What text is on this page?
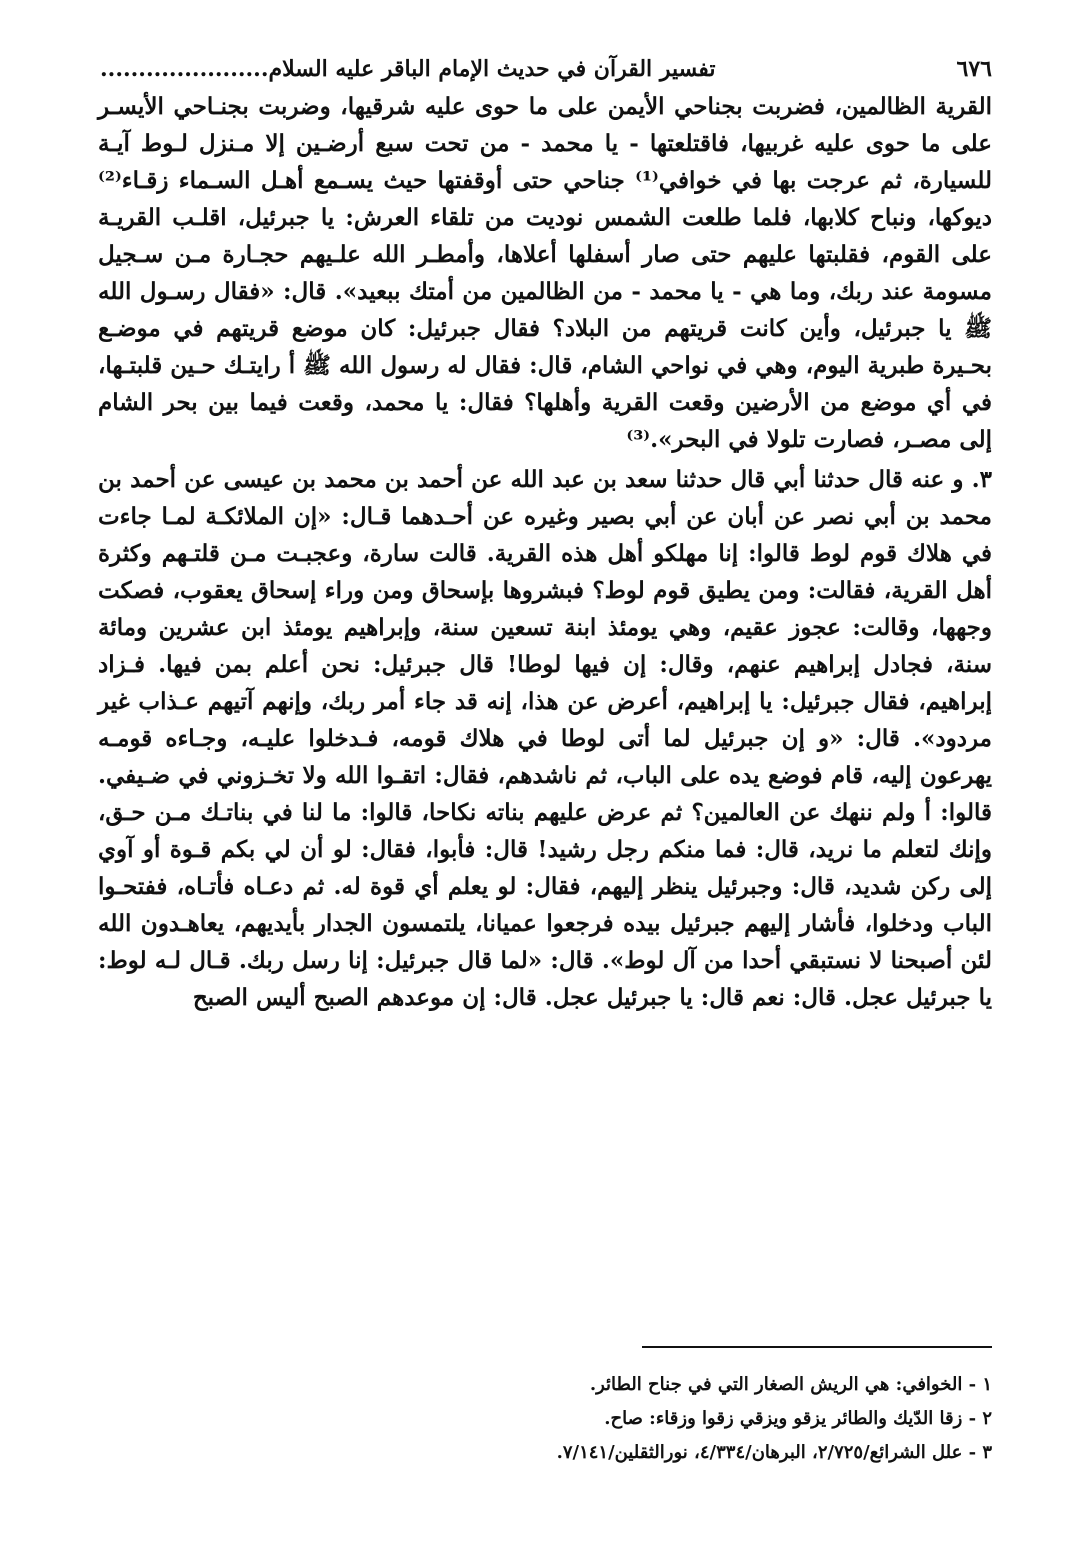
٦٧٦
تفسير القرآن في حديث الإمام الباقر عليه السلام......................

القرية الظالمين، فضربت بجناحي الأيمن على ما حوى عليه شرقيها، وضربت بجنـاحي الأيسـر على ما حوى عليه غربيها، فاقتلعتها - يا محمد - من تحت سبع أرضـين إلا مـنزل لـوط آيـة للسيارة، ثم عرجت بها في خوافي⁽¹⁾ جناحي حتى أوقفتها حيث يسـمع أهـل السـماء زقـاء⁽²⁾ ديوكها، ونباح كلابها، فلما طلعت الشمس نوديت من تلقاء العرش: يا جبرئيل، اقلـب القريـة على القوم، فقلبتها عليهم حتى صار أسفلها أعلاها، وأمطـر الله علـيهم حجـارة مـن سـجيل مسومة عند ربك، وما هي - يا محمد - من الظالمين من أمتك ببعيد». قال: «فقال رسـول الله ﷺ يا جبرئيل، وأين كانت قريتهم من البلاد؟ فقال جبرئيل: كان موضع قريتهم في موضـع بحـيرة طبرية اليوم، وهي في نواحي الشام، قال: فقال له رسول الله ﷺ أ رايتـك حـين قلبتـها، في أي موضع من الأرضين وقعت القرية وأهلها؟ فقال: يا محمد، وقعت فيما بين بحر الشام إلى مصـر، فصارت تلولا في البحر».⁽³⁾

٣. و عنه قال حدثنا أبي قال حدثنا سعد بن عبد الله عن أحمد بن محمد بن عيسى عن أحمد بن محمد بن أبي نصر عن أبان عن أبي بصير وغيره عن أحـدهما قـال: «إن الملائكـة لمـا جاءت في هلاك قوم لوط قالوا: إنا مهلكو أهل هذه القرية. قالت سارة، وعجبـت مـن قلتـهم وكثرة أهل القرية، فقالت: ومن يطيق قوم لوط؟ فبشروها بإسحاق ومن وراء إسحاق يعقوب، فصكت وجهها، وقالت: عجوز عقيم، وهي يومئذ ابنة تسعين سنة، وإبراهيم يومئذ ابن عشرين ومائة سنة، فجادل إبراهيم عنهم، وقال: إن فيها لوطا! قال جبرئيل: نحن أعلم بمن فيها. فـزاد إبراهيم، فقال جبرئيل: يا إبراهيم، أعرض عن هذا، إنه قد جاء أمر ربك، وإنهم آتيهم عـذاب غير مردود». قال: «و إن جبرئيل لما أتى لوطا في هلاك قومه، فـدخلوا عليـه، وجـاءه قومـه يهرعون إليه، قام فوضع يده على الباب، ثم ناشدهم، فقال: اتقـوا الله ولا تخـزوني في ضـيفي. قالوا: أ ولم ننهك عن العالمين؟ ثم عرض عليهم بناته نكاحا، قالوا: ما لنا في بناتـك مـن حـق، وإنك لتعلم ما نريد، قال: فما منكم رجل رشيد! قال: فأبوا، فقال: لو أن لي بكم قـوة أو آوي إلى ركن شديد، قال: وجبرئيل ينظر إليهم، فقال: لو يعلم أي قوة له. ثم دعـاه فأتـاه، ففتحـوا الباب ودخلوا، فأشار إليهم جبرئيل بيده فرجعوا عميانا، يلتمسون الجدار بأيديهم، يعاهـدون الله لئن أصبحنا لا نستبقي أحدا من آل لوط». قال: «لما قال جبرئيل: إنا رسل ربك. قـال لـه لوط: يا جبرئيل عجل. قال: نعم قال: يا جبرئيل عجل. قال: إن موعدهم الصبح أليس الصبح

١ - الخوافي: هي الريش الصغار التي في جناح الطائر.

٢ - زقا الدّيك والطائر يزقو ويزقي زقوا وزقاء: صاح.

٣ - علل الشرائع/٢/٧٢٥، البرهان/٤/٣٣٤، نورالثقلين/٧/١٤١.
